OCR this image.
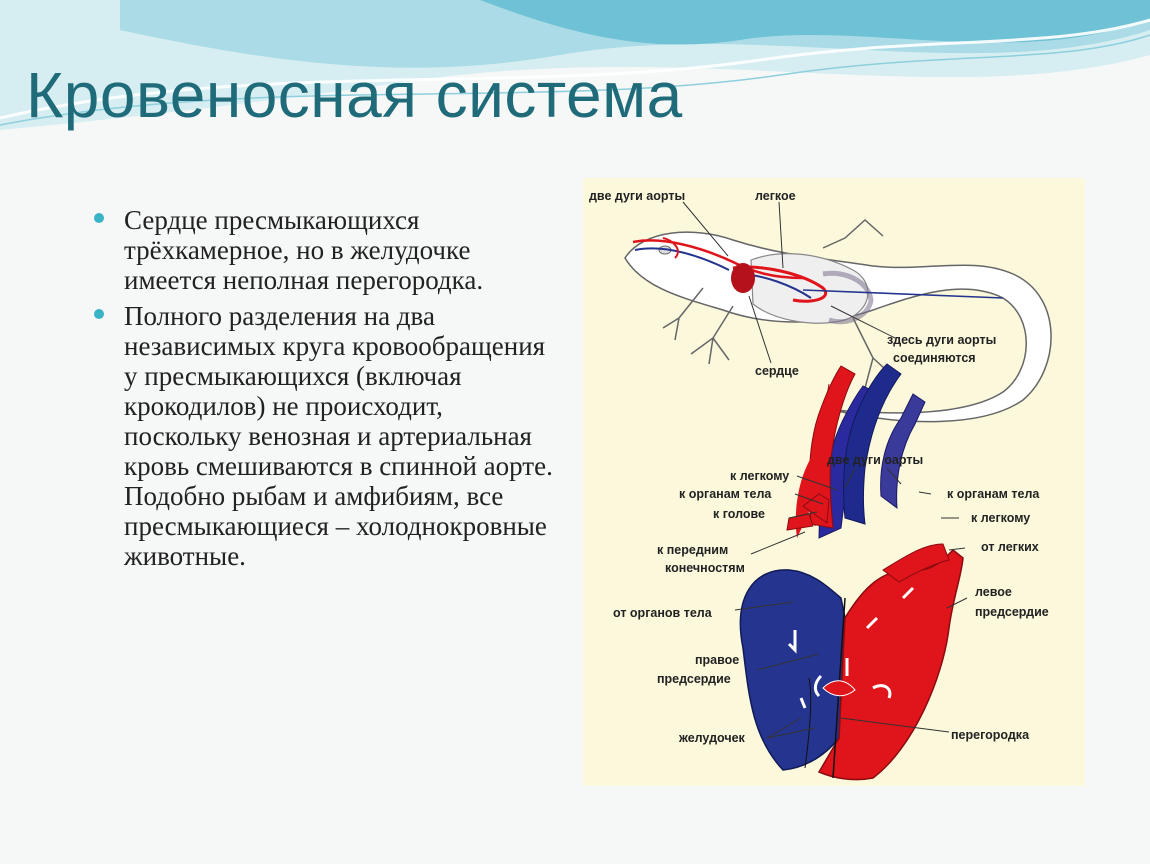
Кровеносная система
Сердце пресмыкающихся трёхкамерное, но в желудочке имеется неполная перегородка.
Полного разделения на два независимых круга кровообращения у пресмыкающихся (включая крокодилов) не происходит, поскольку венозная и артериальная кровь смешиваются в спинной аорте. Подобно рыбам и амфибиям, все пресмыкающиеся – холоднокровные животные.
две дуги аорты	легкое
здесь дуги аорты
соединяются
сердце
две дуги оарты
к легкому
к органам тела
к голове
к передним
конечностям
от органов тела
правое
предсердие
желудочек
к органам тела
к легкому
от легких
левое
предсердие
перегородка
